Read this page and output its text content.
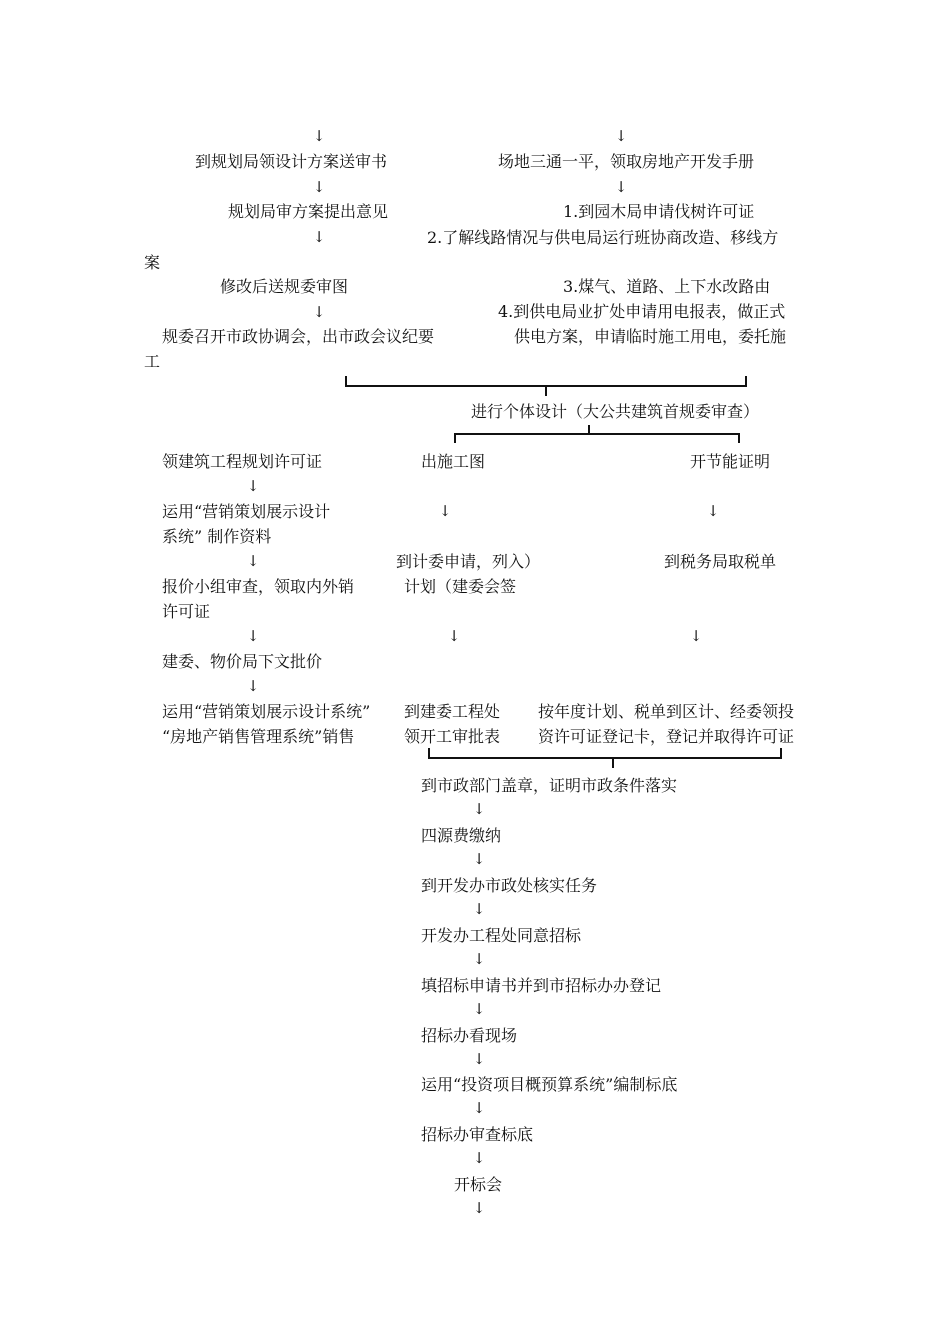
到规划局领设计方案送审书
规划局审方案提出意见
修改后送规委审图
规委召开市政协调会，出市政会议纪要
领建筑工程规划许可证
运用“营销策划展示设计
系统” 制作资料
报价小组审查，领取内外销
许可证
建委、物价局下文批价
运用“营销策划展示设计系统”
“房地产销售管理系统”销售
场地三通一平，领取房地产开发手册
1.到园木局申请伐树许可证
2.了解线路情况与供电局运行班协商改造、移线方
案
3.煤气、道路、上下水改路由
4.到供电局业扩处申请用电报表，做正式
供电方案，申请临时施工用电，委托施
工
进行个体设计（大公共建筑首规委审查）
出施工图	开节能证明
到计委申请，列入）
计划（建委会签
到税务局取税单
到建委工程处
领开工审批表
按年度计划、税单到区计、经委领投
资许可证登记卡，登记并取得许可证
到市政部门盖章，证明市政条件落实
四源费缴纳
到开发办市政处核实任务
开发办工程处同意招标
填招标申请书并到市招标办办登记
招标办看现场
运用“投资项目概预算系统”编制标底
招标办审查标底
开标会
↓	↓
↓	↓
↓
↓
↓
↓	↓
↓
↓	↓	↓
↓
↓
↓
↓
↓
↓
↓
↓
↓
↓
